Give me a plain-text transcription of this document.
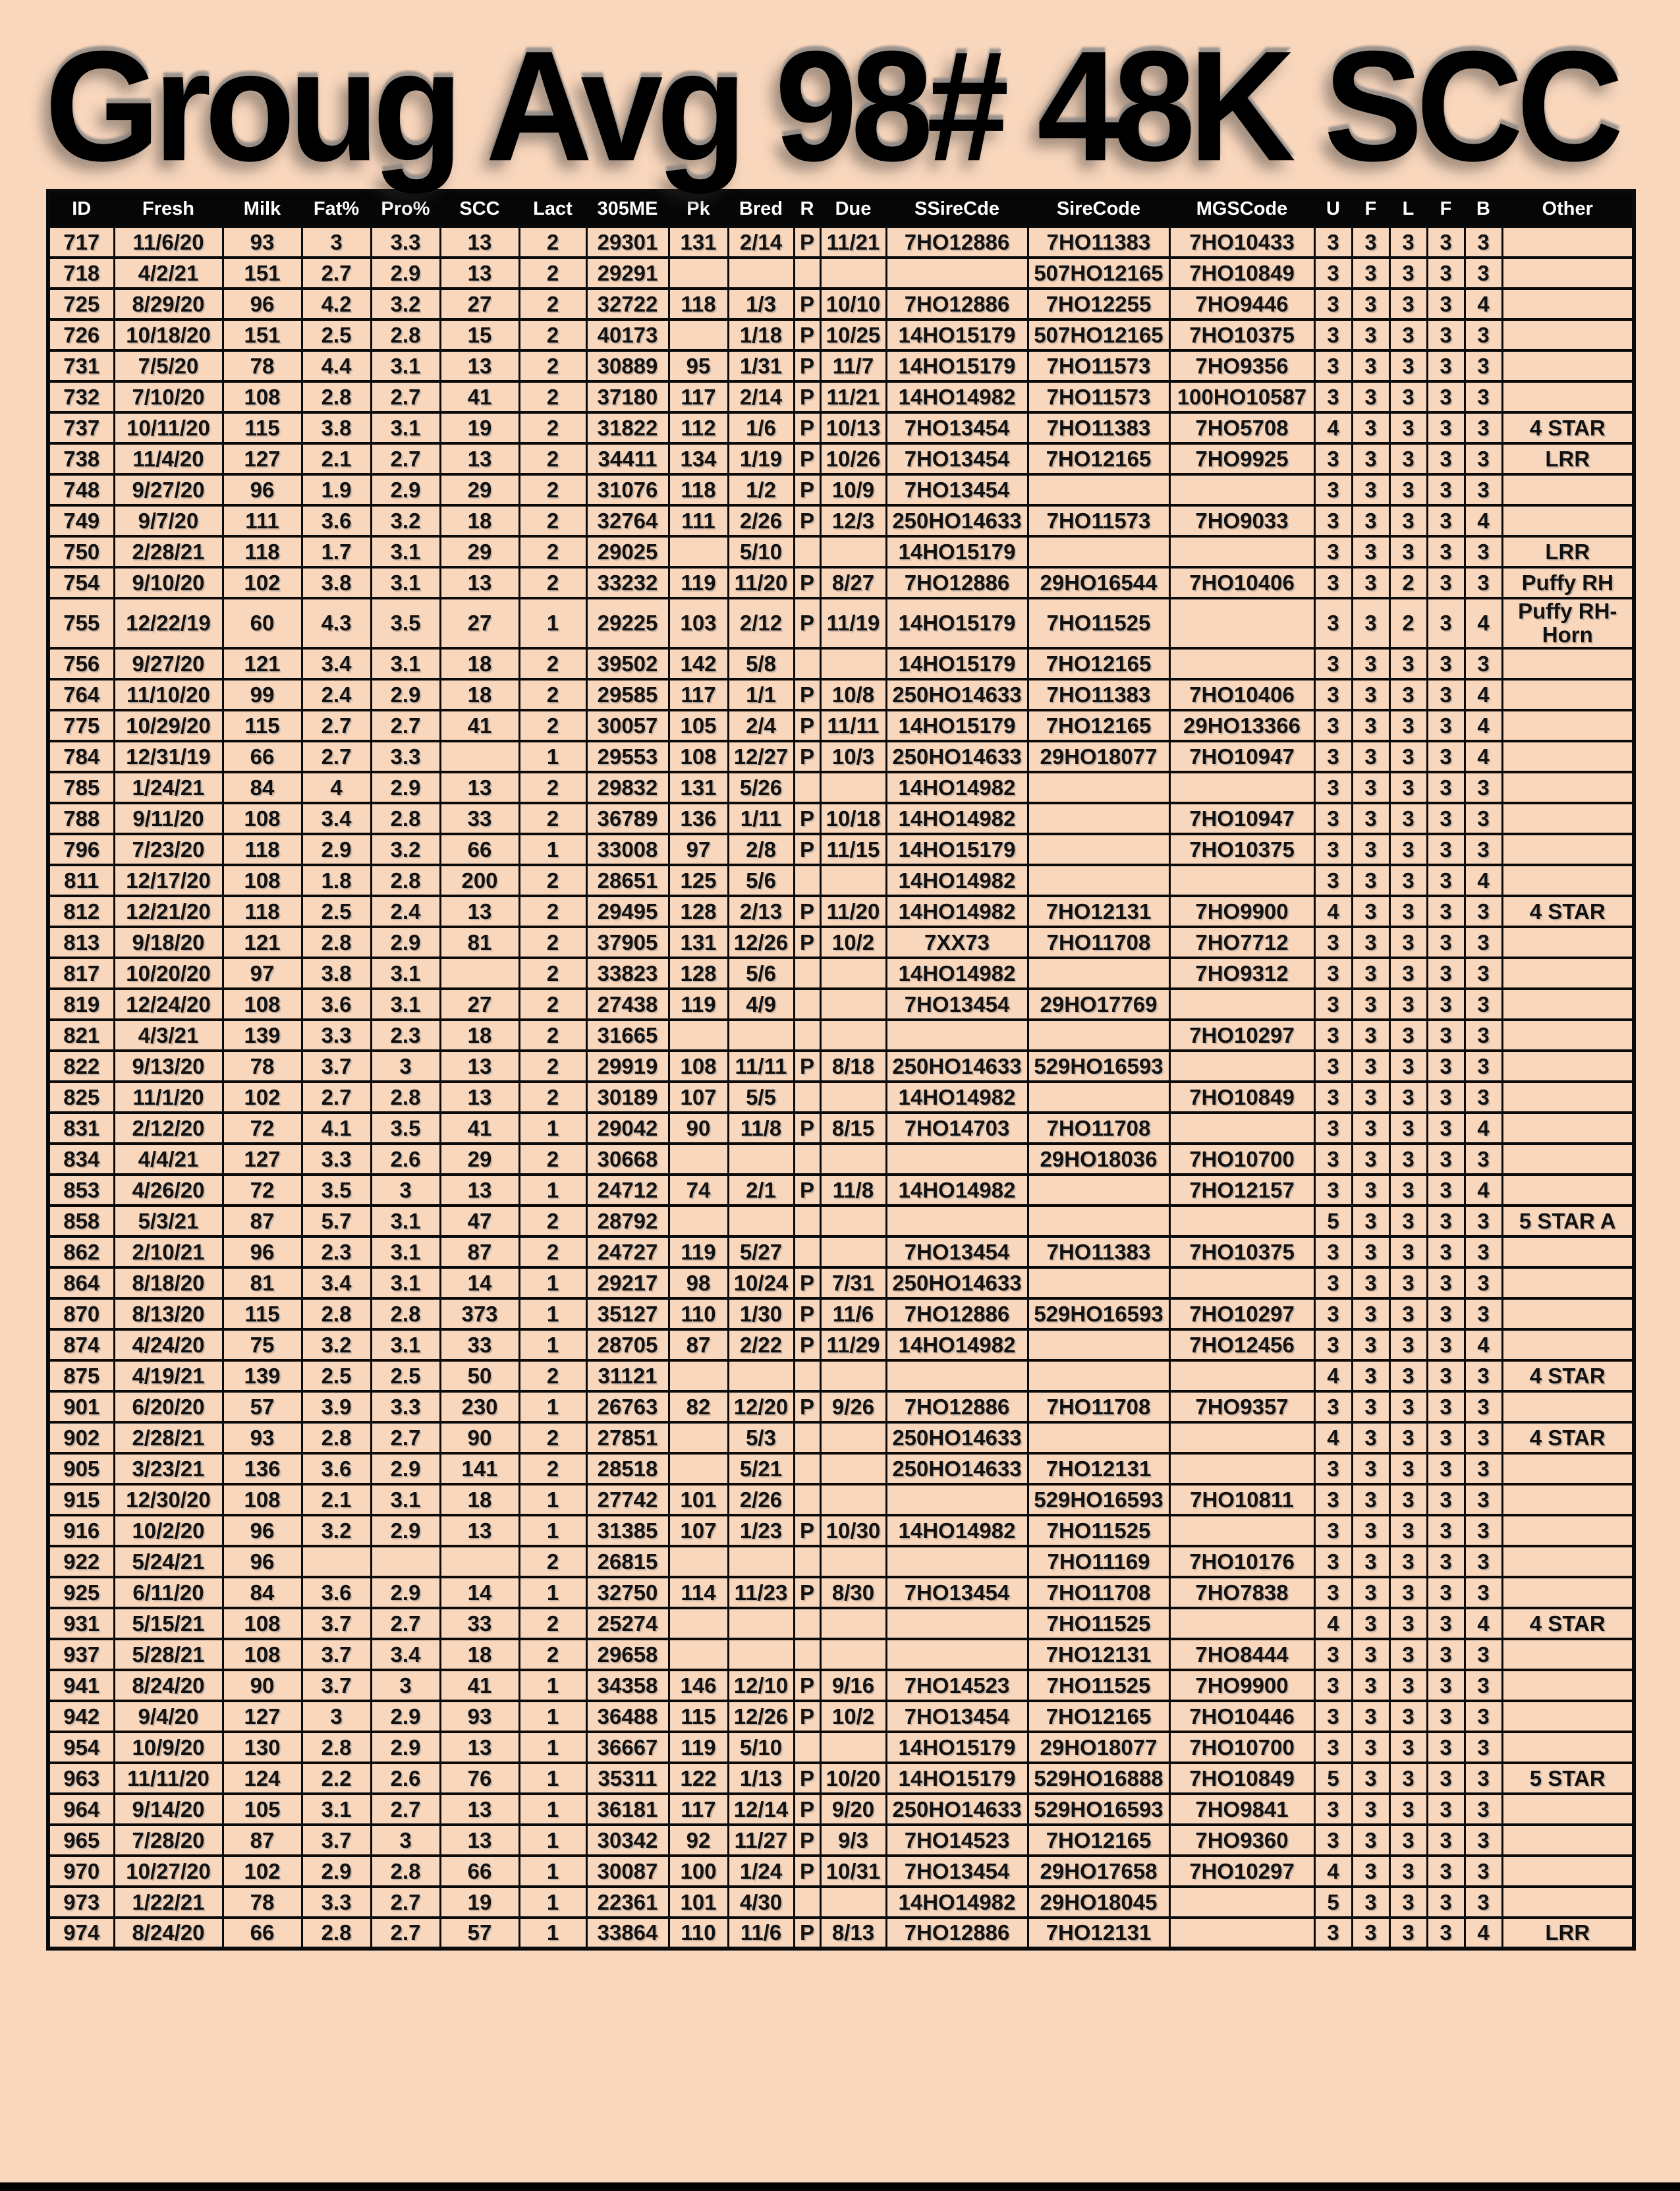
Groug Avg 98# 48K SCC
ID	Fresh	Milk	Fat%	Pro%	SCC	Lact	305ME	Pk	Bred	R	Due	SSireCde	SireCode	MGSCode	U	F	L	F	B	Other
717	11/6/20	93	3	3.3	13	2	29301	131	2/14	P	11/21	7HO12886	7HO11383	7HO10433	3	3	3	3	3	
718	4/2/21	151	2.7	2.9	13	2	29291						507HO12165	7HO10849	3	3	3	3	3	
725	8/29/20	96	4.2	3.2	27	2	32722	118	1/3	P	10/10	7HO12886	7HO12255	7HO9446	3	3	3	3	4	
726	10/18/20	151	2.5	2.8	15	2	40173		1/18	P	10/25	14HO15179	507HO12165	7HO10375	3	3	3	3	3	
731	7/5/20	78	4.4	3.1	13	2	30889	95	1/31	P	11/7	14HO15179	7HO11573	7HO9356	3	3	3	3	3	
732	7/10/20	108	2.8	2.7	41	2	37180	117	2/14	P	11/21	14HO14982	7HO11573	100HO10587	3	3	3	3	3	
737	10/11/20	115	3.8	3.1	19	2	31822	112	1/6	P	10/13	7HO13454	7HO11383	7HO5708	4	3	3	3	3	4 STAR
738	11/4/20	127	2.1	2.7	13	2	34411	134	1/19	P	10/26	7HO13454	7HO12165	7HO9925	3	3	3	3	3	LRR
748	9/27/20	96	1.9	2.9	29	2	31076	118	1/2	P	10/9	7HO13454			3	3	3	3	3	
749	9/7/20	111	3.6	3.2	18	2	32764	111	2/26	P	12/3	250HO14633	7HO11573	7HO9033	3	3	3	3	4	
750	2/28/21	118	1.7	3.1	29	2	29025		5/10			14HO15179			3	3	3	3	3	LRR
754	9/10/20	102	3.8	3.1	13	2	33232	119	11/20	P	8/27	7HO12886	29HO16544	7HO10406	3	3	2	3	3	Puffy RH
755	12/22/19	60	4.3	3.5	27	1	29225	103	2/12	P	11/19	14HO15179	7HO11525		3	3	2	3	4	Puffy RH-Horn
756	9/27/20	121	3.4	3.1	18	2	39502	142	5/8			14HO15179	7HO12165		3	3	3	3	3	
764	11/10/20	99	2.4	2.9	18	2	29585	117	1/1	P	10/8	250HO14633	7HO11383	7HO10406	3	3	3	3	4	
775	10/29/20	115	2.7	2.7	41	2	30057	105	2/4	P	11/11	14HO15179	7HO12165	29HO13366	3	3	3	3	4	
784	12/31/19	66	2.7	3.3		1	29553	108	12/27	P	10/3	250HO14633	29HO18077	7HO10947	3	3	3	3	4	
785	1/24/21	84	4	2.9	13	2	29832	131	5/26			14HO14982			3	3	3	3	3	
788	9/11/20	108	3.4	2.8	33	2	36789	136	1/11	P	10/18	14HO14982		7HO10947	3	3	3	3	3	
796	7/23/20	118	2.9	3.2	66	1	33008	97	2/8	P	11/15	14HO15179		7HO10375	3	3	3	3	3	
811	12/17/20	108	1.8	2.8	200	2	28651	125	5/6			14HO14982			3	3	3	3	4	
812	12/21/20	118	2.5	2.4	13	2	29495	128	2/13	P	11/20	14HO14982	7HO12131	7HO9900	4	3	3	3	3	4 STAR
813	9/18/20	121	2.8	2.9	81	2	37905	131	12/26	P	10/2	7XX73	7HO11708	7HO7712	3	3	3	3	3	
817	10/20/20	97	3.8	3.1		2	33823	128	5/6			14HO14982		7HO9312	3	3	3	3	3	
819	12/24/20	108	3.6	3.1	27	2	27438	119	4/9			7HO13454	29HO17769		3	3	3	3	3	
821	4/3/21	139	3.3	2.3	18	2	31665							7HO10297	3	3	3	3	3	
822	9/13/20	78	3.7	3	13	2	29919	108	11/11	P	8/18	250HO14633	529HO16593		3	3	3	3	3	
825	11/1/20	102	2.7	2.8	13	2	30189	107	5/5			14HO14982		7HO10849	3	3	3	3	3	
831	2/12/20	72	4.1	3.5	41	1	29042	90	11/8	P	8/15	7HO14703	7HO11708		3	3	3	3	4	
834	4/4/21	127	3.3	2.6	29	2	30668						29HO18036	7HO10700	3	3	3	3	3	
853	4/26/20	72	3.5	3	13	1	24712	74	2/1	P	11/8	14HO14982		7HO12157	3	3	3	3	4	
858	5/3/21	87	5.7	3.1	47	2	28792								5	3	3	3	3	5 STAR A
862	2/10/21	96	2.3	3.1	87	2	24727	119	5/27			7HO13454	7HO11383	7HO10375	3	3	3	3	3	
864	8/18/20	81	3.4	3.1	14	1	29217	98	10/24	P	7/31	250HO14633			3	3	3	3	3	
870	8/13/20	115	2.8	2.8	373	1	35127	110	1/30	P	11/6	7HO12886	529HO16593	7HO10297	3	3	3	3	3	
874	4/24/20	75	3.2	3.1	33	1	28705	87	2/22	P	11/29	14HO14982		7HO12456	3	3	3	3	4	
875	4/19/21	139	2.5	2.5	50	2	31121								4	3	3	3	3	4 STAR
901	6/20/20	57	3.9	3.3	230	1	26763	82	12/20	P	9/26	7HO12886	7HO11708	7HO9357	3	3	3	3	3	
902	2/28/21	93	2.8	2.7	90	2	27851		5/3			250HO14633			4	3	3	3	3	4 STAR
905	3/23/21	136	3.6	2.9	141	2	28518		5/21			250HO14633	7HO12131		3	3	3	3	3	
915	12/30/20	108	2.1	3.1	18	1	27742	101	2/26				529HO16593	7HO10811	3	3	3	3	3	
916	10/2/20	96	3.2	2.9	13	1	31385	107	1/23	P	10/30	14HO14982	7HO11525		3	3	3	3	3	
922	5/24/21	96				2	26815						7HO11169	7HO10176	3	3	3	3	3	
925	6/11/20	84	3.6	2.9	14	1	32750	114	11/23	P	8/30	7HO13454	7HO11708	7HO7838	3	3	3	3	3	
931	5/15/21	108	3.7	2.7	33	2	25274						7HO11525		4	3	3	3	4	4 STAR
937	5/28/21	108	3.7	3.4	18	2	29658						7HO12131	7HO8444	3	3	3	3	3	
941	8/24/20	90	3.7	3	41	1	34358	146	12/10	P	9/16	7HO14523	7HO11525	7HO9900	3	3	3	3	3	
942	9/4/20	127	3	2.9	93	1	36488	115	12/26	P	10/2	7HO13454	7HO12165	7HO10446	3	3	3	3	3	
954	10/9/20	130	2.8	2.9	13	1	36667	119	5/10			14HO15179	29HO18077	7HO10700	3	3	3	3	3	
963	11/11/20	124	2.2	2.6	76	1	35311	122	1/13	P	10/20	14HO15179	529HO16888	7HO10849	5	3	3	3	3	5 STAR
964	9/14/20	105	3.1	2.7	13	1	36181	117	12/14	P	9/20	250HO14633	529HO16593	7HO9841	3	3	3	3	3	
965	7/28/20	87	3.7	3	13	1	30342	92	11/27	P	9/3	7HO14523	7HO12165	7HO9360	3	3	3	3	3	
970	10/27/20	102	2.9	2.8	66	1	30087	100	1/24	P	10/31	7HO13454	29HO17658	7HO10297	4	3	3	3	3	
973	1/22/21	78	3.3	2.7	19	1	22361	101	4/30			14HO14982	29HO18045		5	3	3	3	3	
974	8/24/20	66	2.8	2.7	57	1	33864	110	11/6	P	8/13	7HO12886	7HO12131		3	3	3	3	4	LRR
